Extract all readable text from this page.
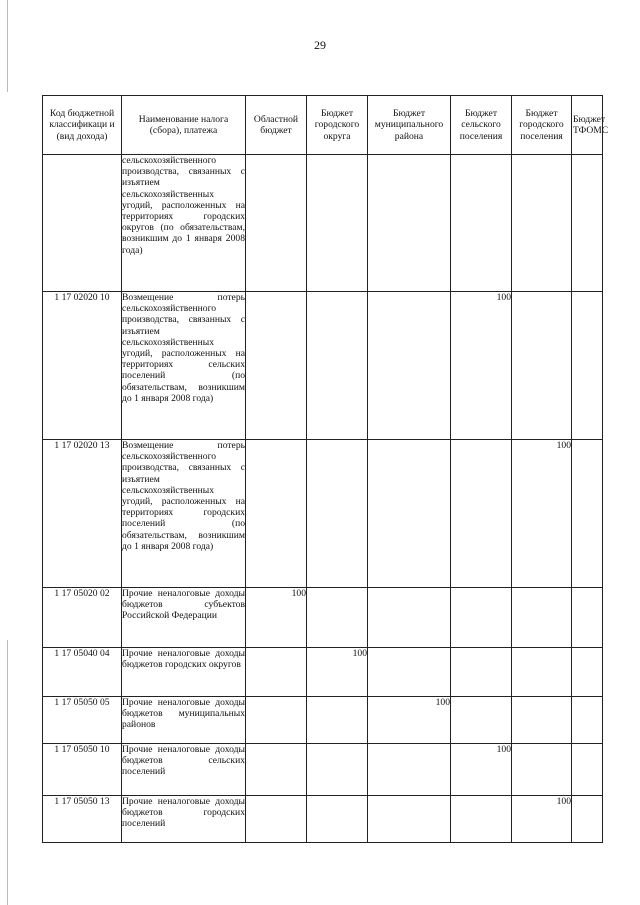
29
Код бюджетной классификаци и (вид дохода)	Наименование налога (сбора), платежа	Областной бюджет	Бюджет городского округа	Бюджет муниципального района	Бюджет сельского поселения	Бюджет городского поселения	Бюджет ТФОМС
	сельскохозяйственного производства, связанных с изъятием сельскохозяйственных угодий, расположенных на территориях городских округов (по обязательствам, возникшим до 1 января 2008 года)						
1 17 02020 10	Возмещение потерь сельскохозяйственного производства, связанных с изъятием сельскохозяйственных угодий, расположенных на территориях сельских поселений (по обязательствам, возникшим до 1 января 2008 года)				100		
1 17 02020 13	Возмещение потерь сельскохозяйственного производства, связанных с изъятием сельскохозяйственных угодий, расположенных на территориях городских поселений (по обязательствам, возникшим до 1 января 2008 года)					100	
1 17 05020 02	Прочие неналоговые доходы бюджетов субъектов Российской Федерации	100					
1 17 05040 04	Прочие неналоговые доходы бюджетов городских округов		100				
1 17 05050 05	Прочие неналоговые доходы бюджетов муниципальных районов			100			
1 17 05050 10	Прочие неналоговые доходы бюджетов сельских поселений				100		
1 17 05050 13	Прочие неналоговые доходы бюджетов городских поселений					100	
